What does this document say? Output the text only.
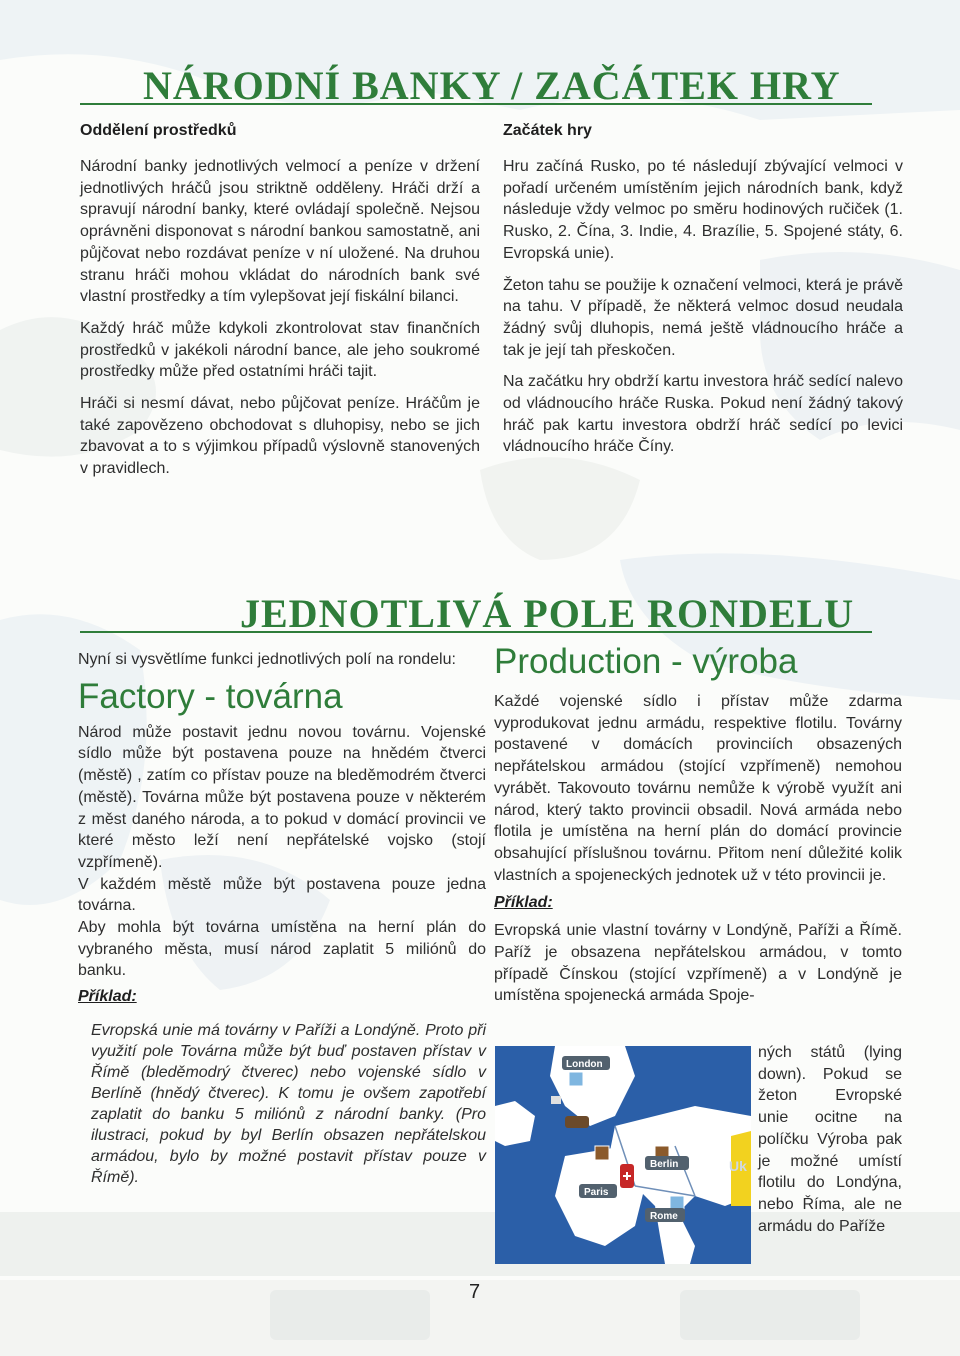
NÁRODNÍ BANKY / ZAČÁTEK HRY

Oddělení prostředků

Národní banky jednotlivých velmocí a peníze v držení jednotlivých hráčů jsou striktně odděleny. Hráči drží a spravují národní banky, které ovládají společně. Nejsou oprávněni disponovat s národní bankou samostatně, ani půjčovat nebo rozdávat peníze v ní uložené. Na druhou stranu hráči mohou vkládat do národních bank své vlastní prostředky a tím vylepšovat její fiskální bilanci.

Každý hráč může kdykoli zkontrolovat stav finančních prostředků v jakékoli národní bance, ale jeho soukromé prostředky může před ostatními hráči tajit.

Hráči si nesmí dávat, nebo půjčovat peníze. Hráčům je také zapovězeno obchodovat s dluhopisy, nebo se jich zbavovat a to s výjimkou případů výslovně stanovených v pravidlech.

Začátek hry

Hru začíná Rusko, po té následují zbývající velmoci v pořadí určeném umístěním jejich národních bank, když následuje vždy velmoc po směru hodinových ručiček (1. Rusko, 2. Čína, 3. Indie, 4. Brazílie, 5. Spojené státy, 6. Evropská unie).

Žeton tahu se použije k označení velmoci, která je právě na tahu. V případě, že některá velmoc dosud neudala žádný svůj dluhopis, nemá ještě vládnoucího hráče a tak je její tah přeskočen.

Na začátku hry obdrží kartu investora hráč sedící nalevo od vládnoucího hráče Ruska. Pokud není žádný takový hráč pak kartu investora obdrží hráč sedící po levici vládnoucího hráče Číny.

JEDNOTLIVÁ POLE RONDELU

Nyní si vysvětlíme funkci jednotlivých polí na rondelu:

Factory - továrna

Národ může postavit jednu novou továrnu. Vojenské sídlo může být postavena pouze na hnědém čtverci (městě) , zatím co přístav pouze na bleděmodrém čtverci (městě). Továrna může být postavena pouze v některém z měst daného národa, a to pokud v domácí provincii ve které město leží není nepřátelské vojsko (stojí vzpřímeně).

V každém městě může být postavena pouze jedna továrna.

Aby mohla být továrna umístěna na herní plán do vybraného města, musí národ zaplatit 5 miliónů do banku.

Příklad:

Evropská unie má továrny v Paříži a Londýně. Proto při využití pole Továrna může být buď postaven přístav v Římě (bleděmodrý čtverec) nebo vojenské sídlo v Berlíně (hnědý čtverec). K tomu je ovšem zapotřebí zaplatit do banku 5 miliónů z národní banky. (Pro ilustraci, pokud by byl Berlín obsazen nepřátelskou armádou, bylo by možné postavit přístav pouze v Římě).

Production - výroba

Každé vojenské sídlo i přístav může zdarma vyprodukovat jednu armádu, respektive flotilu. Továrny postavené v domácích provinciích obsazených nepřátelskou armádou (stojící vzpřímeně) nemohou vyrábět. Takovouto továrnu nemůže k výrobě využít ani národ, který takto provincii obsadil. Nová armáda nebo flotila je umístěna na herní plán do domácí provincie obsahující příslušnou továrnu. Přitom není důležité kolik vlastních a spojeneckých jednotek už v této provincii je.

Příklad:

Evropská unie vlastní továrny v Londýně, Paříži a Římě. Paříž je obsazena nepřátelskou armádou, v tomto případě Čínskou (stojící vzpřímeně) a v Londýně je umístěna spojenecká armáda Spoje-

London
Berlin
Paris
Rome
Uk

ných států (lying down). Pokud se žeton Evropské unie ocitne na políčku Výroba pak je možné umístí flotilu do Londýna, nebo Říma, ale ne armádu do Paříže

7
